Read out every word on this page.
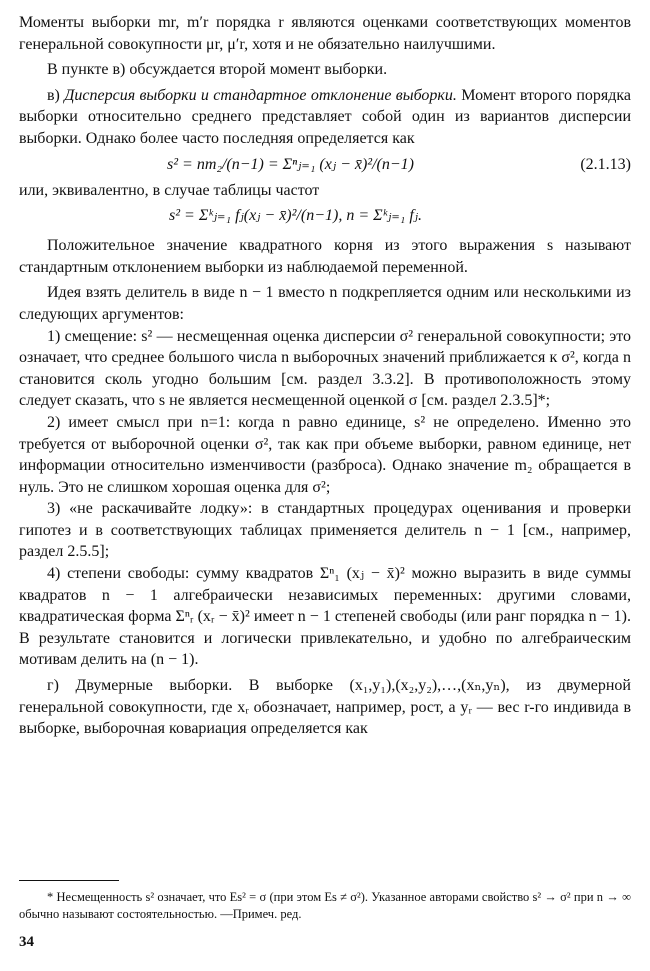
Моменты выборки mr, m′r порядка r являются оценками соответствующих моментов генеральной совокупности μr, μ′r, хотя и не обязательно наилучшими.

В пункте в) обсуждается второй момент выборки.

в) Дисперсия выборки и стандартное отклонение выборки. Момент второго порядка выборки относительно среднего представляет собой один из вариантов дисперсии выборки. Однако более часто последняя определяется как

s² = nm₂/(n−1) = Σⁿⱼ₌₁ (xⱼ − x̄)²/(n−1)	(2.1.13)

или, эквивалентно, в случае таблицы частот

s² = Σᵏⱼ₌₁ fⱼ(xⱼ − x̄)²/(n−1), n = Σᵏⱼ₌₁ fⱼ.

Положительное значение квадратного корня из этого выражения s называют стандартным отклонением выборки из наблюдаемой переменной.

Идея взять делитель в виде n − 1 вместо n подкрепляется одним или несколькими из следующих аргументов:

1) смещение: s² — несмещенная оценка дисперсии σ² генеральной совокупности; это означает, что среднее большого числа n выборочных значений приближается к σ², когда n становится сколь угодно большим [см. раздел 3.3.2]. В противоположность этому следует сказать, что s не является несмещенной оценкой σ [см. раздел 2.3.5]*;

2) имеет смысл при n=1: когда n равно единице, s² не определено. Именно это требуется от выборочной оценки σ², так как при объеме выборки, равном единице, нет информации относительно изменчивости (разброса). Однако значение m₂ обращается в нуль. Это не слишком хорошая оценка для σ²;

3) «не раскачивайте лодку»: в стандартных процедурах оценивания и проверки гипотез и в соответствующих таблицах применяется делитель n − 1 [см., например, раздел 2.5.5];

4) степени свободы: сумму квадратов Σⁿ₁ (xⱼ − x̄)² можно выразить в виде суммы квадратов n − 1 алгебраически независимых переменных: другими словами, квадратическая форма Σⁿᵣ (xᵣ − x̄)² имеет n − 1 степеней свободы (или ранг порядка n − 1). В результате становится и логически привлекательно, и удобно по алгебраическим мотивам делить на (n − 1).

г) Двумерные выборки. В выборке (x₁,y₁),(x₂,y₂),…,(xₙ,yₙ), из двумерной генеральной совокупности, где xᵣ обозначает, например, рост, а yᵣ — вес r-го индивида в выборке, выборочная ковариация определяется как

* Несмещенность s² означает, что Es² = σ (при этом Es ≠ σ²). Указанное авторами свойство s² → σ² при n → ∞ обычно называют состоятельностью. —Примеч. ред.
34
